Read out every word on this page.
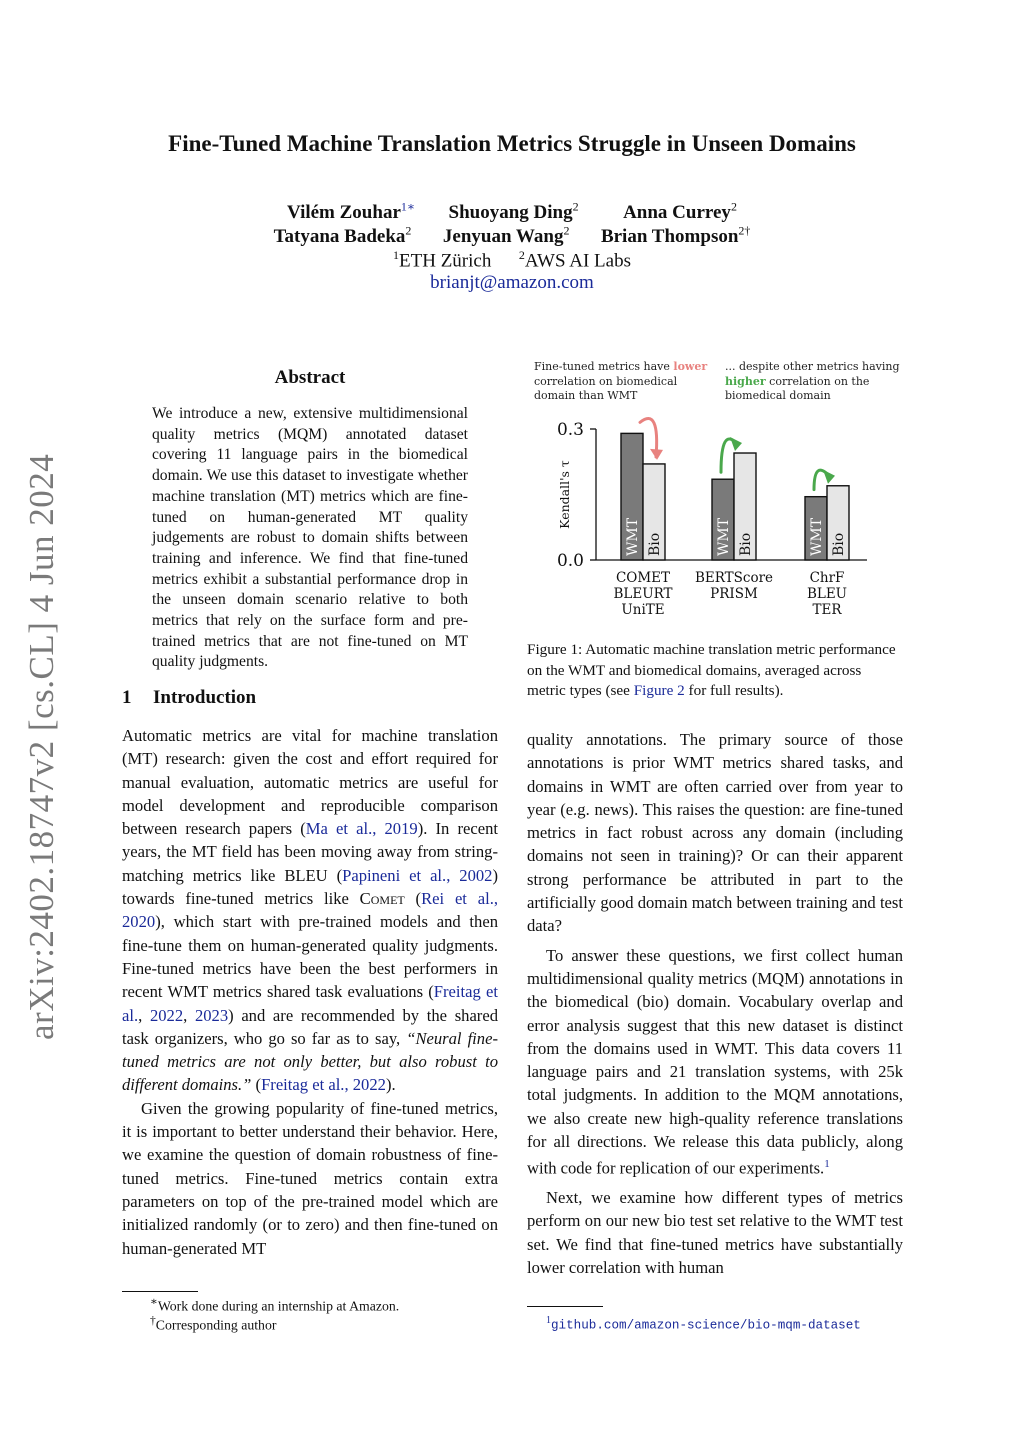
arXiv:2402.18747v2 [cs.CL] 4 Jun 2024
Fine-Tuned Machine Translation Metrics Struggle in Unseen Domains
Vilém Zouhar$^{1∗}$ Shuoyang Ding$^2$ Anna Currey$^2$
Tatyana Badeka$^2$ Jenyuan Wang$^2$ Brian Thompson$^{2\dagger}$
$^1$ETH Zürich $^2$AWS AI Labs
brianjt@amazon.com
Abstract
We introduce a new, extensive multidimensional quality metrics (MQM) annotated dataset covering 11 language pairs in the biomedical domain. We use this dataset to investigate whether machine translation (MT) metrics which are fine-tuned on human-generated MT quality judgements are robust to domain shifts between training and inference. We find that fine-tuned metrics exhibit a substantial performance drop in the unseen domain scenario relative to both metrics that rely on the surface form and pre-trained metrics that are not fine-tuned on MT quality judgments.
1 Introduction

Automatic metrics are vital for machine translation (MT) research: given the cost and effort required for manual evaluation, automatic metrics are useful for model development and reproducible comparison between research papers (Ma et al., 2019). In recent years, the MT field has been moving away from string-matching metrics like BLEU (Papineni et al., 2002) towards fine-tuned metrics like Comet (Rei et al., 2020), which start with pre-trained models and then fine-tune them on human-generated quality judgments. Fine-tuned metrics have been the best performers in recent WMT metrics shared task evaluations (Freitag et al., 2022, 2023) and are recommended by the shared task organizers, who go so far as to say, “Neural fine-tuned metrics are not only better, but also robust to different domains.” (Freitag et al., 2022).

Given the growing popularity of fine-tuned metrics, it is important to better understand their behavior. Here, we examine the question of domain robustness of fine-tuned metrics. Fine-tuned metrics contain extra parameters on top of the pre-trained model which are initialized randomly (or to zero) and then fine-tuned on human-generated MT

∗Work done during an internship at Amazon.
†Corresponding author
Fine-tuned metrics have lower
correlation on biomedical domain than WMT
... despite other metrics having
higher correlation on the biomedical domain
0.0
0.3
Kendall's τ
WMT Bio
COMET
BLEURT
UniTE
WMT Bio
BERTScore
PRISM
WMT Bio
ChrF
BLEU
TER
Figure 1: Automatic machine translation metric performance on the WMT and biomedical domains, averaged across metric types (see Figure 2 for full results).

quality annotations. The primary source of those annotations is prior WMT metrics shared tasks, and domains in WMT are often carried over from year to year (e.g. news). This raises the question: are fine-tuned metrics in fact robust across any domain (including domains not seen in training)? Or can their apparent strong performance be attributed in part to the artificially good domain match between training and test data?

To answer these questions, we first collect human multidimensional quality metrics (MQM) annotations in the biomedical (bio) domain. Vocabulary overlap and error analysis suggest that this new dataset is distinct from the domains used in WMT. This data covers 11 language pairs and 21 translation systems, with 25k total judgments. In addition to the MQM annotations, we also create new high-quality reference translations for all directions. We release this data publicly, along with code for replication of our experiments.$^1$

Next, we examine how different types of metrics perform on our new bio test set relative to the WMT test set. We find that fine-tuned metrics have substantially lower correlation with human

$^1$github.com/amazon-science/bio-mqm-dataset
